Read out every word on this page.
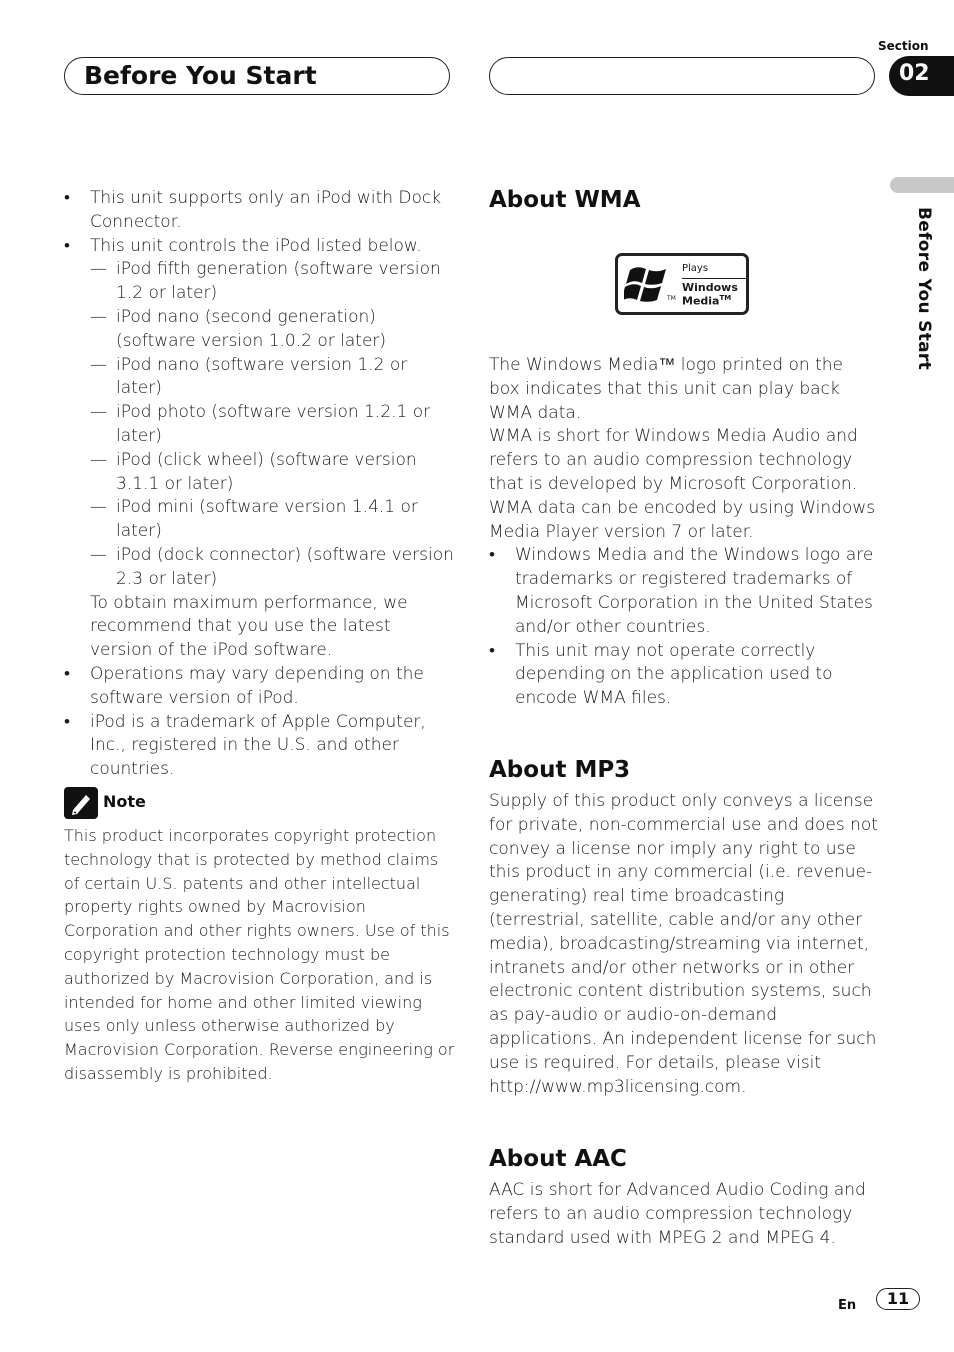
Before You Start
Section
02
Before You Start

• This unit supports only an iPod with Dock Connector.

• This unit controls the iPod listed below.

— iPod fifth generation (software version 1.2 or later)

— iPod nano (second generation) (software version 1.0.2 or later)

— iPod nano (software version 1.2 or later)

— iPod photo (software version 1.2.1 or later)

— iPod (click wheel) (software version 3.1.1 or later)

— iPod mini (software version 1.4.1 or later)

— iPod (dock connector) (software version 2.3 or later)

To obtain maximum performance, we recommend that you use the latest version of the iPod software.

• Operations may vary depending on the software version of iPod.

• iPod is a trademark of Apple Computer, Inc., registered in the U.S. and other countries.

Note
This product incorporates copyright protection technology that is protected by method claims of certain U.S. patents and other intellectual property rights owned by Macrovision Corporation and other rights owners. Use of this copyright protection technology must be authorized by Macrovision Corporation, and is intended for home and other limited viewing uses only unless otherwise authorized by Macrovision Corporation. Reverse engineering or disassembly is prohibited.
About WMA
TM
Plays
Windows
Media™

The Windows Media™ logo printed on the box indicates that this unit can play back WMA data.

WMA is short for Windows Media Audio and refers to an audio compression technology that is developed by Microsoft Corporation. WMA data can be encoded by using Windows Media Player version 7 or later.

• Windows Media and the Windows logo are trademarks or registered trademarks of Microsoft Corporation in the United States and/or other countries.

• This unit may not operate correctly depending on the application used to encode WMA files.

About MP3

Supply of this product only conveys a license for private, non-commercial use and does not convey a license nor imply any right to use this product in any commercial (i.e. revenue-generating) real time broadcasting (terrestrial, satellite, cable and/or any other media), broadcasting/streaming via internet, intranets and/or other networks or in other electronic content distribution systems, such as pay-audio or audio-on-demand applications. An independent license for such use is required. For details, please visit

http://www.mp3licensing.com.

About AAC

AAC is short for Advanced Audio Coding and refers to an audio compression technology standard used with MPEG 2 and MPEG 4.

En	11
